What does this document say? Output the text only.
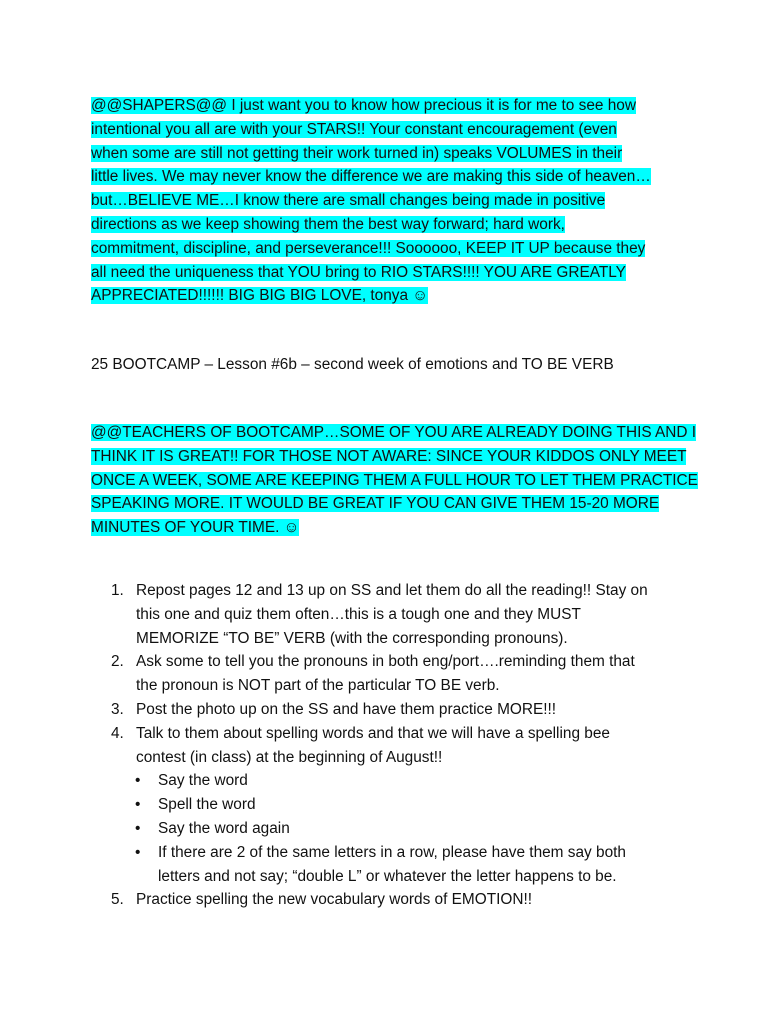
@@SHAPERS@@ I just want you to know how precious it is for me to see how
intentional you all are with your STARS!! Your constant encouragement (even
when some are still not getting their work turned in) speaks VOLUMES in their
little lives. We may never know the difference we are making this side of heaven…
but…BELIEVE ME…I know there are small changes being made in positive
directions as we keep showing them the best way forward; hard work,
commitment, discipline, and perseverance!!! Soooooo, KEEP IT UP because they
all need the uniqueness that YOU bring to RIO STARS!!!! YOU ARE GREATLY
APPRECIATED!!!!!! BIG BIG BIG LOVE, tonya ☺
25 BOOTCAMP – Lesson #6b – second week of emotions and TO BE VERB
@@TEACHERS OF BOOTCAMP…SOME OF YOU ARE ALREADY DOING THIS AND I
THINK IT IS GREAT!! FOR THOSE NOT AWARE: SINCE YOUR KIDDOS ONLY MEET
ONCE A WEEK, SOME ARE KEEPING THEM A FULL HOUR TO LET THEM PRACTICE
SPEAKING MORE. IT WOULD BE GREAT IF YOU CAN GIVE THEM 15-20 MORE
MINUTES OF YOUR TIME. ☺
1. Repost pages 12 and 13 up on SS and let them do all the reading!! Stay on
this one and quiz them often…this is a tough one and they MUST
MEMORIZE “TO BE” VERB (with the corresponding pronouns).
2. Ask some to tell you the pronouns in both eng/port….reminding them that
the pronoun is NOT part of the particular TO BE verb.
3. Post the photo up on the SS and have them practice MORE!!!
4. Talk to them about spelling words and that we will have a spelling bee
contest (in class) at the beginning of August!!
• Say the word
• Spell the word
• Say the word again
• If there are 2 of the same letters in a row, please have them say both
letters and not say; “double L” or whatever the letter happens to be.
5. Practice spelling the new vocabulary words of EMOTION!!
